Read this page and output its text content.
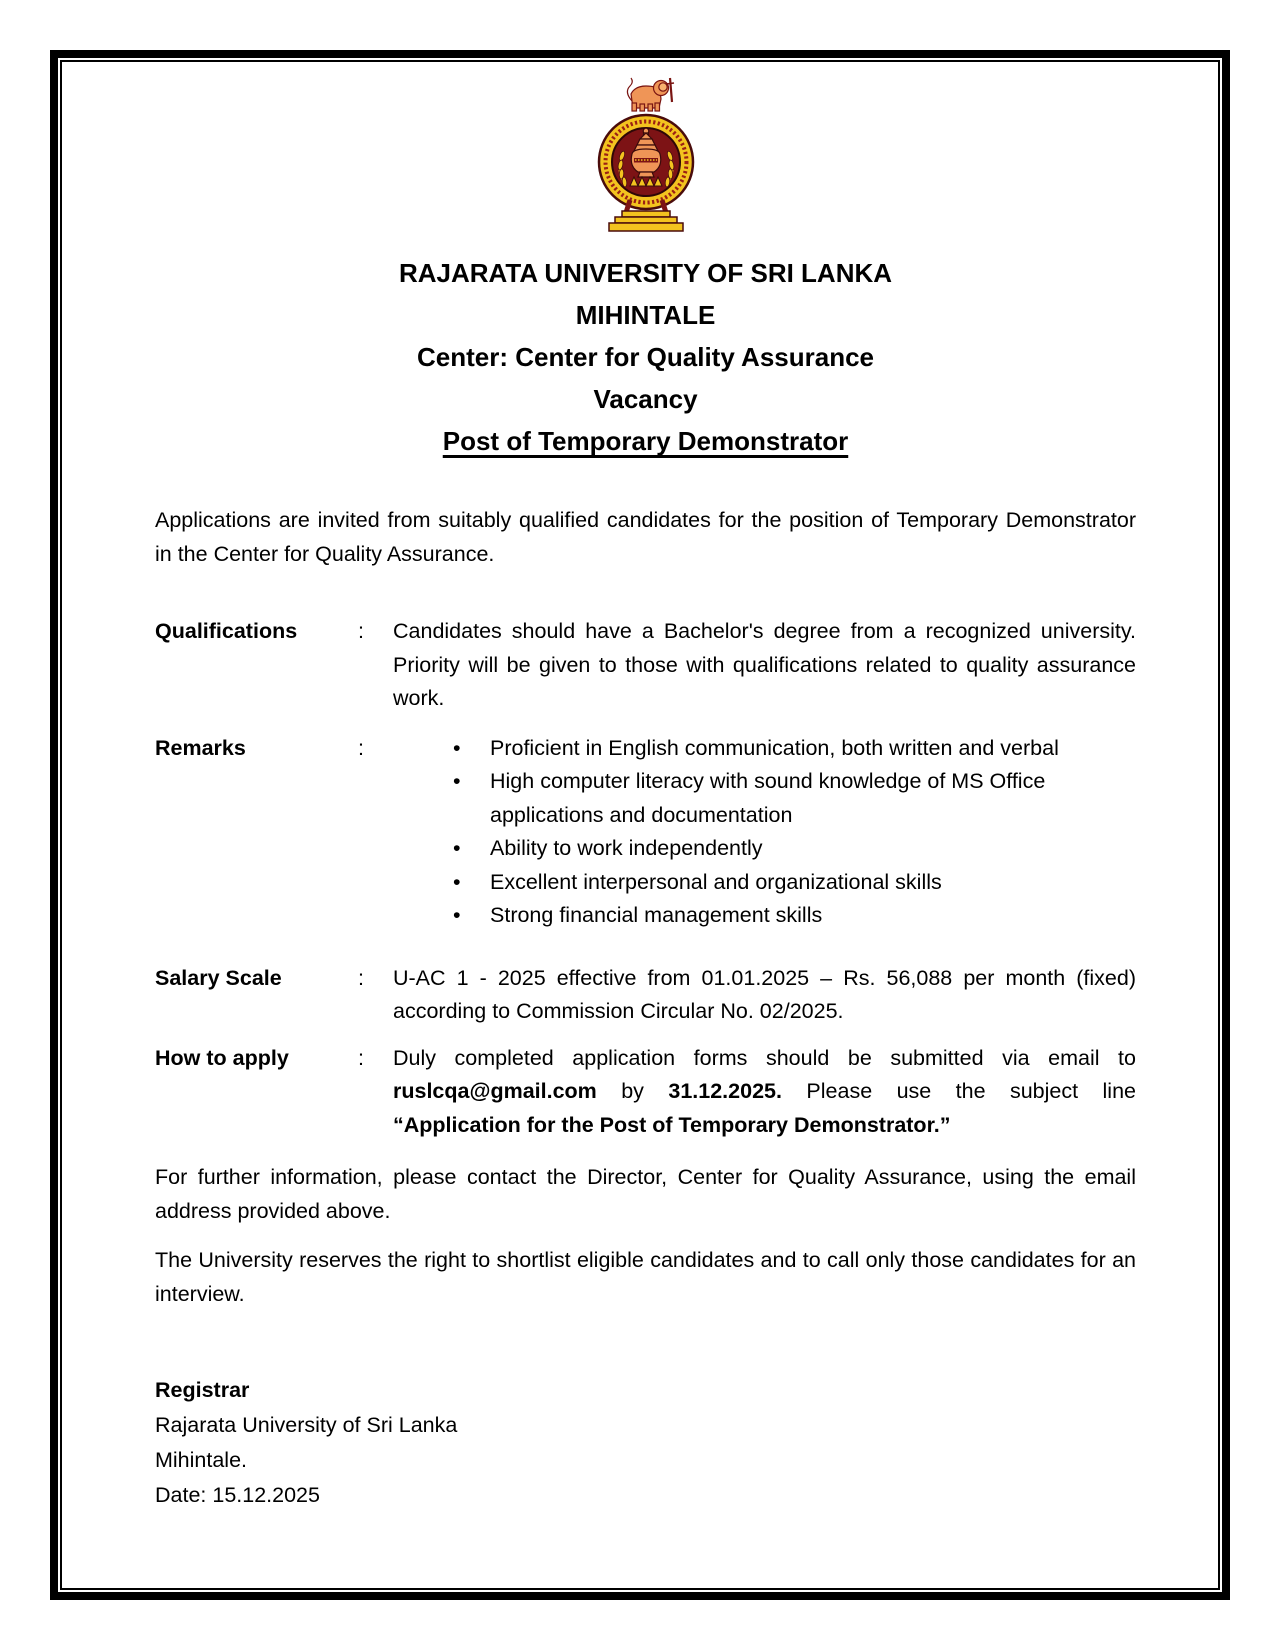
RAJARATA UNIVERSITY OF SRI LANKA
MIHINTALE
Center: Center for Quality Assurance
Vacancy
Post of Temporary Demonstrator

Applications are invited from suitably qualified candidates for the position of Temporary Demonstrator in the Center for Quality Assurance.

Qualifications	:	Candidates should have a Bachelor's degree from a recognized university. Priority will be given to those with qualifications related to quality assurance work.
Remarks	:	• Proficient in English communication, both written and verbal
• High computer literacy with sound knowledge of MS Office applications and documentation
• Ability to work independently
• Excellent interpersonal and organizational skills
• Strong financial management skills
Salary Scale	:	U-AC 1 - 2025 effective from 01.01.2025 – Rs. 56,088 per month (fixed) according to Commission Circular No. 02/2025.
How to apply	:	Duly completed application forms should be submitted via email to ruslcqa@gmail.com by 31.12.2025. Please use the subject line “Application for the Post of Temporary Demonstrator.”

For further information, please contact the Director, Center for Quality Assurance, using the email address provided above.

The University reserves the right to shortlist eligible candidates and to call only those candidates for an interview.

Registrar
Rajarata University of Sri Lanka
Mihintale.
Date: 15.12.2025
